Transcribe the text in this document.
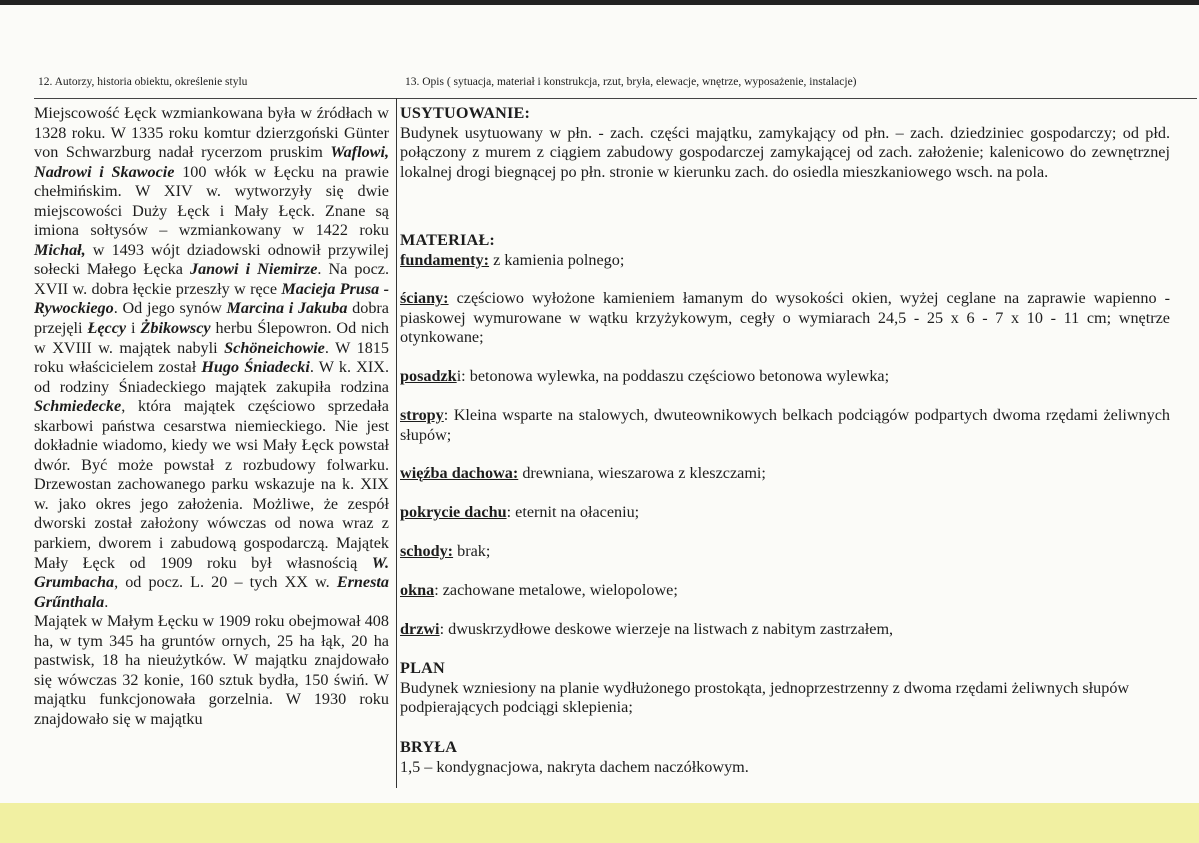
12. Autorzy, historia obiektu, określenie stylu	13. Opis ( sytuacja, materiał i konstrukcja, rzut, bryła, elewacje, wnętrze, wyposażenie, instalacje)

Miejscowość Łęck wzmiankowana była w źródłach w 1328 roku. W 1335 roku komtur dzierzgoński Günter von Schwarzburg nadał rycerzom pruskim Waflowi, Nadrowi i Skawocie 100 włók w Łęcku na prawie chełmińskim. W XIV w. wytworzyły się dwie miejscowości Duży Łęck i Mały Łęck. Znane są imiona sołtysów – wzmiankowany w 1422 roku Michał, w 1493 wójt dziadowski odnowił przywilej sołecki Małego Łęcka Janowi i Niemirze. Na pocz. XVII w. dobra łęckie przeszły w ręce Macieja Prusa - Rywockiego. Od jego synów Marcina i Jakuba dobra przejęli Łęccy i Żbikowscy herbu Ślepowron. Od nich w XVIII w. majątek nabyli Schöneichowie. W 1815 roku właścicielem został Hugo Śniadecki. W k. XIX. od rodziny Śniadeckiego majątek zakupiła rodzina Schmiedecke, która majątek częściowo sprzedała skarbowi państwa cesarstwa niemieckiego. Nie jest dokładnie wiadomo, kiedy we wsi Mały Łęck powstał dwór. Być może powstał z rozbudowy folwarku. Drzewostan zachowanego parku wskazuje na k. XIX w. jako okres jego założenia. Możliwe, że zespół dworski został założony wówczas od nowa wraz z parkiem, dworem i zabudową gospodarczą. Majątek Mały Łęck od 1909 roku był własnością W. Grumbacha, od pocz. L. 20 – tych XX w. Ernesta Grűnthala.

Majątek w Małym Łęcku w 1909 roku obejmował 408 ha, w tym 345 ha gruntów ornych, 25 ha łąk, 20 ha pastwisk, 18 ha nieużytków. W majątku znajdowało się wówczas 32 konie, 160 sztuk bydła, 150 świń. W majątku funkcjonowała gorzelnia. W 1930 roku znajdowało się w majątku

USYTUOWANIE:

Budynek usytuowany w płn. - zach. części majątku, zamykający od płn. – zach. dziedziniec gospodarczy; od płd. połączony z murem z ciągiem zabudowy gospodarczej zamykającej od zach. założenie; kalenicowo do zewnętrznej lokalnej drogi biegnącej po płn. stronie w kierunku zach. do osiedla mieszkaniowego wsch. na pola.

MATERIAŁ:

fundamenty: z kamienia polnego;

ściany: częściowo wyłożone kamieniem łamanym do wysokości okien, wyżej ceglane na zaprawie wapienno - piaskowej wymurowane w wątku krzyżykowym, cegły o wymiarach 24,5 - 25 x 6 - 7 x 10 - 11 cm; wnętrze otynkowane;

posadzki: betonowa wylewka, na poddaszu częściowo betonowa wylewka;

stropy: Kleina wsparte na stalowych, dwuteownikowych belkach podciągów podpartych dwoma rzędami żeliwnych słupów;

więźba dachowa: drewniana, wieszarowa z kleszczami;

pokrycie dachu: eternit na ołaceniu;

schody: brak;

okna: zachowane metalowe, wielopolowe;

drzwi: dwuskrzydłowe deskowe wierzeje na listwach z nabitym zastrzałem,

PLAN

Budynek wzniesiony na planie wydłużonego prostokąta, jednoprzestrzenny z dwoma rzędami żeliwnych słupów podpierających podciągi sklepienia;

BRYŁA

1,5 – kondygnacjowa, nakryta dachem naczółkowym.
